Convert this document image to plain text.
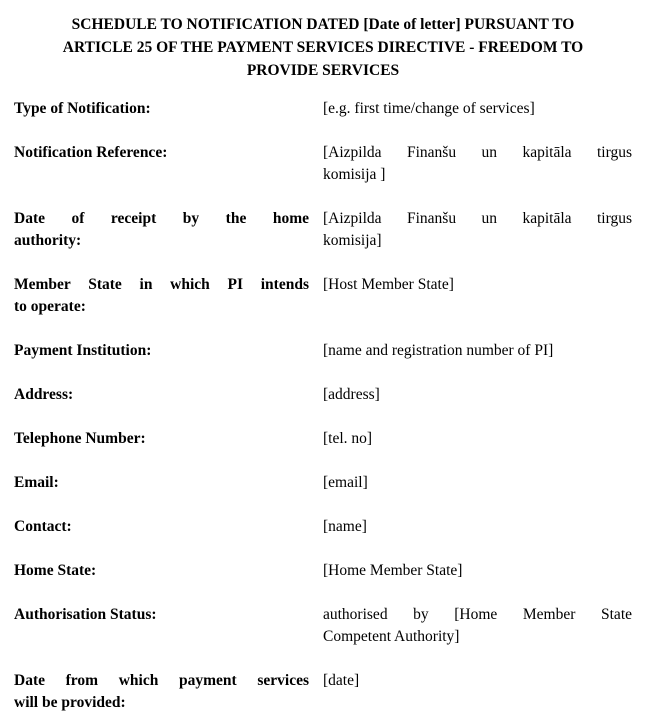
SCHEDULE TO NOTIFICATION DATED [Date of letter] PURSUANT TO
ARTICLE 25 OF THE PAYMENT SERVICES DIRECTIVE - FREEDOM TO
PROVIDE SERVICES
Type of Notification:	[e.g. first time/change of services]
Notification Reference:	[Aizpilda Finanšu un kapitāla tirgus
komisija ]
Date of receipt by the home
authority:
[Aizpilda Finanšu un kapitāla tirgus
komisija]
Member State in which PI intends
to operate:
[Host Member State]
Payment Institution:	[name and registration number of PI]
Address:	[address]
Telephone Number:	[tel. no]
Email:	[email]
Contact:	[name]
Home State:	[Home Member State]
Authorisation Status:	authorised by [Home Member State
Competent Authority]
Date from which payment services
will be provided:
[date]
